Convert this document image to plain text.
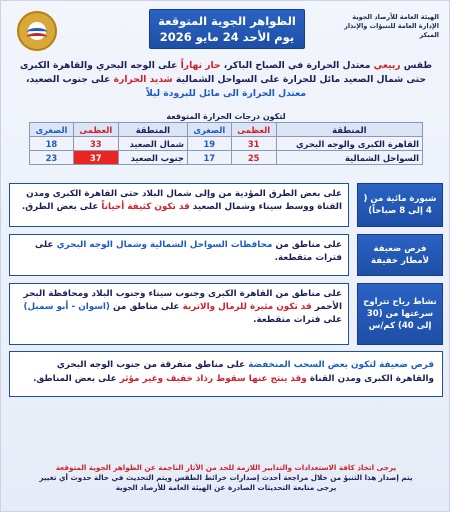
الظواهر الجوية المتوقعة
يوم الأحد 24 مايو 2026
الهيئة العامة للأرصاد الجوية
الإدارة العامة للتنبؤات والإنذار المبكر
طقس ربيعي معتدل الحرارة في الصباح الباكر، حار نهاراً على الوجه البحري والقاهرة الكبرى
حتى شمال الصعيد مائل للحرارة على السواحل الشمالية شديد الحرارة على جنوب الصعيد،
معتدل الحرارة الى مائل للبرودة ليلاً
لتكون درجات الحرارة المتوقعة
المنطقة	العظمى	الصغرى	المنطقة	العظمى	الصغرى
القاهرة الكبرى والوجه البحري	31	19	شمال الصعيد	33	18
السواحل الشمالية	25	17	جنوب الصعيد	37	23
شبورة مائية من ( 4 إلى 8 صباحاً)
على بعض الطرق المؤدية من وإلى شمال البلاد حتى القاهرة الكبرى ومدن القناة ووسط سيناء وشمال الصعيد قد تكون كثيفة أحياناً على بعض الطرق.
فرص ضعيفة لأمطار خفيفة
على مناطق من محافظات السواحل الشمالية وشمال الوجه البحري على فترات متقطعة.
نشاط رياح تتراوح سرعتها من (30 إلى 40) كم/س
على مناطق من القاهرة الكبرى وجنوب سيناء وجنوب البلاد ومحافظة البحر الأحمر قد تكون مثيرة للرمال والاتربة على مناطق من (اسوان - أبو سمبل) على فترات متقطعة.
فرص ضعيفة لتكون بعض السحب المنخفضة على مناطق متفرقة من جنوب الوجه البحري والقاهرة الكبرى ومدن القناة وقد ينتج عنها سقوط رذاذ خفيف وغير مؤثر على بعض المناطق.
يرجى اتخاذ كافة الاستعدادات والتدابير اللازمة للحد من الآثار الناجمة عن الظواهر الجوية المتوقعة
يتم إصدار هذا التنبؤ من خلال مراجعة أحدث إصدارات خرائط الطقس ويتم التحديث في حالة حدوث أي تغيير
يرجى متابعة التحديثات الصادرة عن الهيئة العامة للأرصاد الجوية
